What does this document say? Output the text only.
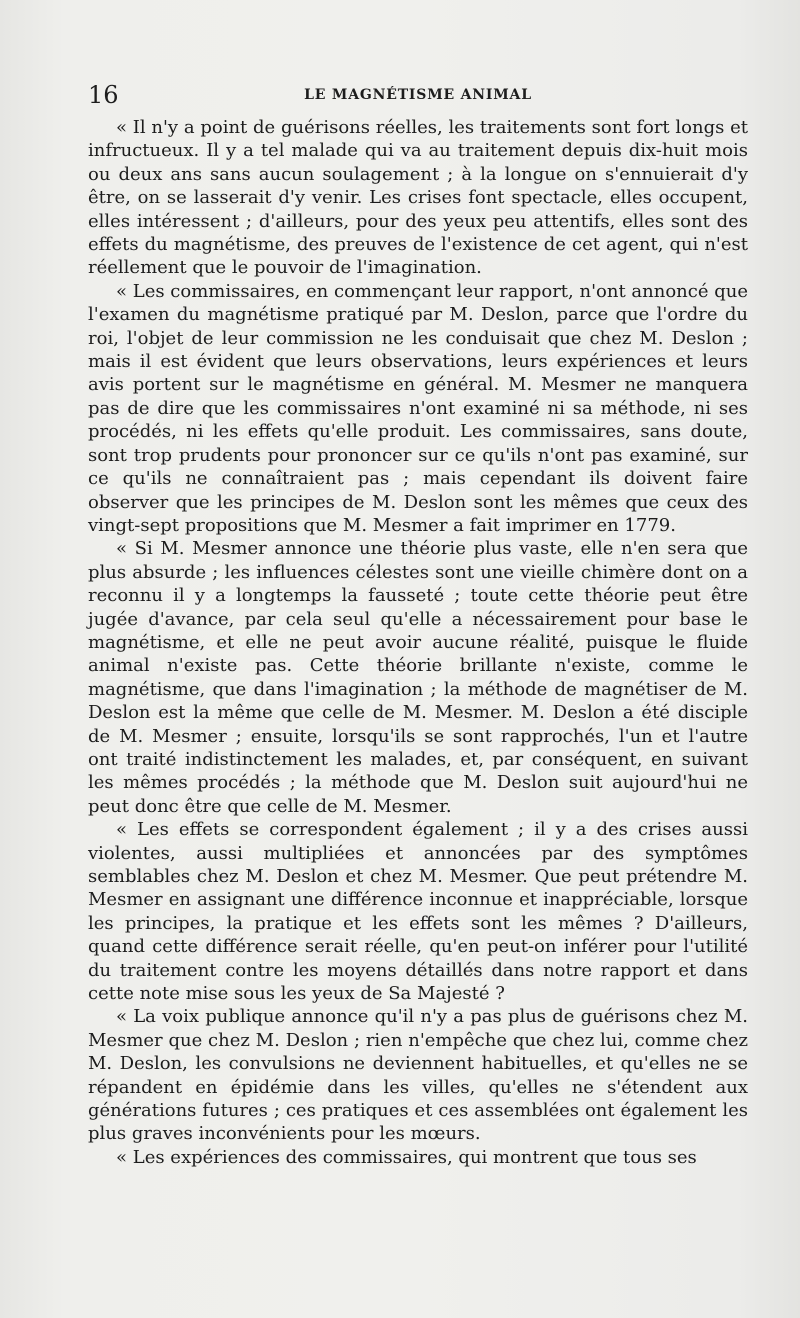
16	LE MAGNÉTISME ANIMAL

« Il n'y a point de guérisons réelles, les traitements sont fort longs et infructueux. Il y a tel malade qui va au traitement depuis dix-huit mois ou deux ans sans aucun soulagement ; à la longue on s'ennuierait d'y être, on se lasserait d'y venir. Les crises font spectacle, elles occupent, elles intéressent ; d'ailleurs, pour des yeux peu attentifs, elles sont des effets du magnétisme, des preuves de l'existence de cet agent, qui n'est réellement que le pouvoir de l'imagination.

« Les commissaires, en commençant leur rapport, n'ont annoncé que l'examen du magnétisme pratiqué par M. Deslon, parce que l'ordre du roi, l'objet de leur commission ne les conduisait que chez M. Deslon ; mais il est évident que leurs observations, leurs expériences et leurs avis portent sur le magnétisme en général. M. Mesmer ne manquera pas de dire que les commissaires n'ont examiné ni sa méthode, ni ses procédés, ni les effets qu'elle produit. Les commissaires, sans doute, sont trop prudents pour prononcer sur ce qu'ils n'ont pas examiné, sur ce qu'ils ne connaîtraient pas ; mais cependant ils doivent faire observer que les principes de M. Deslon sont les mêmes que ceux des vingt-sept propositions que M. Mesmer a fait imprimer en 1779.

« Si M. Mesmer annonce une théorie plus vaste, elle n'en sera que plus absurde ; les influences célestes sont une vieille chimère dont on a reconnu il y a longtemps la fausseté ; toute cette théorie peut être jugée d'avance, par cela seul qu'elle a nécessairement pour base le magnétisme, et elle ne peut avoir aucune réalité, puisque le fluide animal n'existe pas. Cette théorie brillante n'existe, comme le magnétisme, que dans l'imagination ; la méthode de magnétiser de M. Deslon est la même que celle de M. Mesmer. M. Deslon a été disciple de M. Mesmer ; ensuite, lorsqu'ils se sont rapprochés, l'un et l'autre ont traité indistinctement les malades, et, par conséquent, en suivant les mêmes procédés ; la méthode que M. Deslon suit aujourd'hui ne peut donc être que celle de M. Mesmer.

« Les effets se correspondent également ; il y a des crises aussi violentes, aussi multipliées et annoncées par des symptômes semblables chez M. Deslon et chez M. Mesmer. Que peut prétendre M. Mesmer en assignant une différence inconnue et inappréciable, lorsque les principes, la pratique et les effets sont les mêmes ? D'ailleurs, quand cette différence serait réelle, qu'en peut-on inférer pour l'utilité du traitement contre les moyens détaillés dans notre rapport et dans cette note mise sous les yeux de Sa Majesté ?

« La voix publique annonce qu'il n'y a pas plus de guérisons chez M. Mesmer que chez M. Deslon ; rien n'empêche que chez lui, comme chez M. Deslon, les convulsions ne deviennent habituelles, et qu'elles ne se répandent en épidémie dans les villes, qu'elles ne s'étendent aux générations futures ; ces pratiques et ces assemblées ont également les plus graves inconvénients pour les mœurs.

« Les expériences des commissaires, qui montrent que tous ses
